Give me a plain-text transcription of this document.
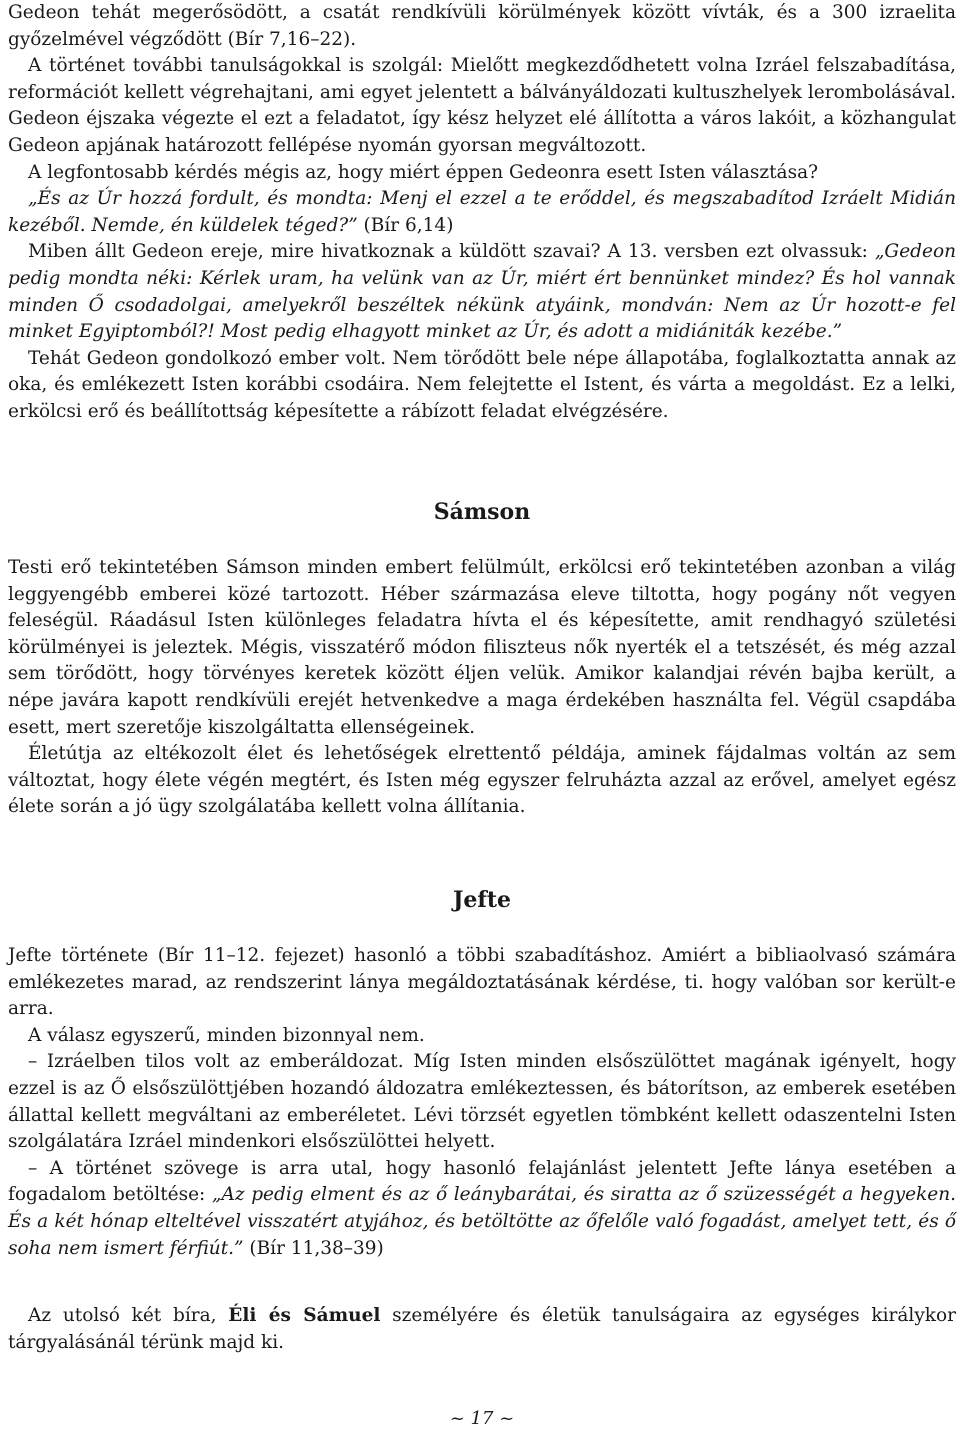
Gedeon tehát megerősödött, a csatát rendkívüli körülmények között vívták, és a 300 izraelita győzelmével végződött (Bír 7,16–22).

A történet további tanulságokkal is szolgál: Mielőtt megkezdődhetett volna Izráel felszabadítása, reformációt kellett végrehajtani, ami egyet jelentett a bálványáldozati kultuszhelyek lerombolásával. Gedeon éjszaka végezte el ezt a feladatot, így kész helyzet elé állította a város lakóit, a közhangulat Gedeon apjának határozott fellépése nyomán gyorsan megváltozott.

A legfontosabb kérdés mégis az, hogy miért éppen Gedeonra esett Isten választása?

„És az Úr hozzá fordult, és mondta: Menj el ezzel a te erőddel, és megszabadítod Izráelt Midián kezéből. Nemde, én küldelek téged?” (Bír 6,14)

Miben állt Gedeon ereje, mire hivatkoznak a küldött szavai? A 13. versben ezt olvassuk: „Gedeon pedig mondta néki: Kérlek uram, ha velünk van az Úr, miért ért bennünket mindez? És hol vannak minden Ő csodadolgai, amelyekről beszéltek nékünk atyáink, mondván: Nem az Úr hozott-e fel minket Egyiptomból?! Most pedig elhagyott minket az Úr, és adott a midiániták kezébe.”

Tehát Gedeon gondolkozó ember volt. Nem törődött bele népe állapotába, foglalkoztatta annak az oka, és emlékezett Isten korábbi csodáira. Nem felejtette el Istent, és várta a megoldást. Ez a lelki, erkölcsi erő és beállítottság képesítette a rábízott feladat elvégzésére.

Sámson

Testi erő tekintetében Sámson minden embert felülmúlt, erkölcsi erő tekintetében azonban a világ leggyengébb emberei közé tartozott. Héber származása eleve tiltotta, hogy pogány nőt vegyen feleségül. Ráadásul Isten különleges feladatra hívta el és képesítette, amit rendhagyó születési körülményei is jeleztek. Mégis, visszatérő módon filiszteus nők nyerték el a tetszését, és még azzal sem törődött, hogy törvényes keretek között éljen velük. Amikor kalandjai révén bajba került, a népe javára kapott rendkívüli erejét hetvenkedve a maga érdekében használta fel. Végül csapdába esett, mert szeretője kiszolgáltatta ellenségeinek.

Életútja az eltékozolt élet és lehetőségek elrettentő példája, aminek fájdalmas voltán az sem változtat, hogy élete végén megtért, és Isten még egyszer felruházta azzal az erővel, amelyet egész élete során a jó ügy szolgálatába kellett volna állítania.

Jefte

Jefte története (Bír 11–12. fejezet) hasonló a többi szabadításhoz. Amiért a bibliaolvasó számára emlékezetes marad, az rendszerint lánya megáldoztatásának kérdése, ti. hogy valóban sor került-e arra.

A válasz egyszerű, minden bizonnyal nem.

– Izráelben tilos volt az emberáldozat. Míg Isten minden elsőszülöttet magának igényelt, hogy ezzel is az Ő elsőszülöttjében hozandó áldozatra emlékeztessen, és bátorítson, az emberek esetében állattal kellett megváltani az emberéletet. Lévi törzsét egyetlen tömbként kellett odaszentelni Isten szolgálatára Izráel mindenkori elsőszülöttei helyett.

– A történet szövege is arra utal, hogy hasonló felajánlást jelentett Jefte lánya esetében a fogadalom betöltése: „Az pedig elment és az ő leánybarátai, és siratta az ő szüzességét a hegyeken. És a két hónap elteltével visszatért atyjához, és betöltötte az őfelőle való fogadást, amelyet tett, és ő soha nem ismert férfiút.” (Bír 11,38–39)

Az utolsó két bíra, Éli és Sámuel személyére és életük tanulságaira az egységes királykor tárgyalásánál térünk majd ki.

~ 17 ~
